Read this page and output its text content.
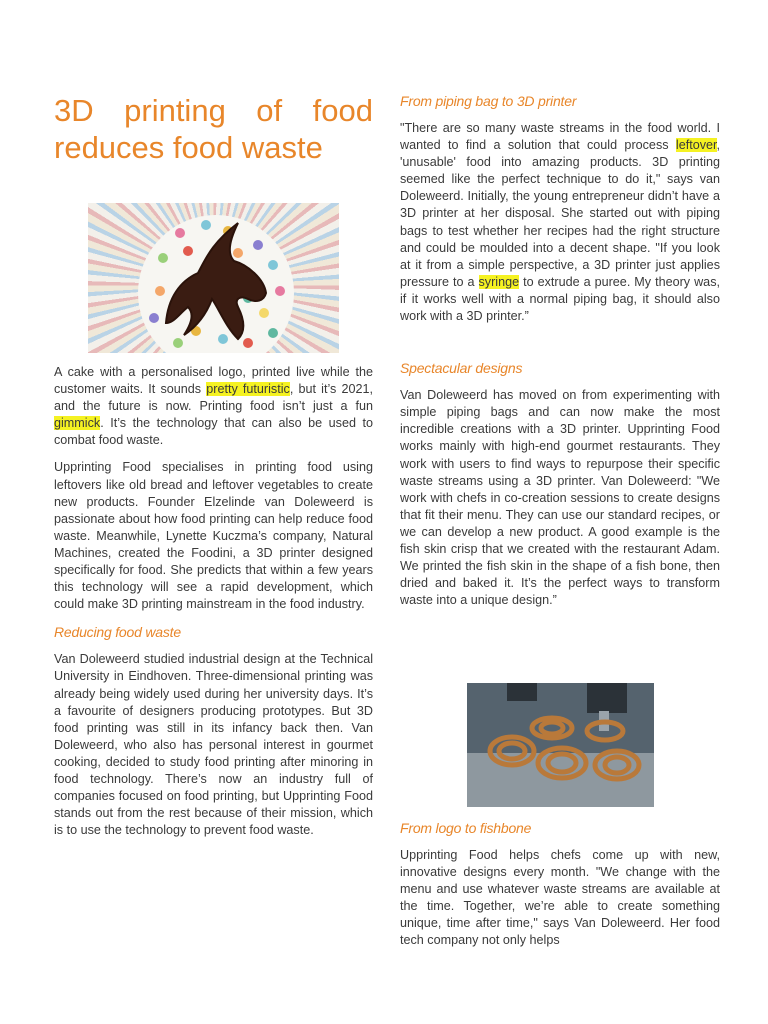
3D printing of food
reduces food waste

A cake with a personalised logo, printed live while the customer waits. It sounds pretty futuristic, but it’s 2021, and the future is now. Printing food isn’t just a fun gimmick. It’s the technology that can also be used to combat food waste.

Upprinting Food specialises in printing food using leftovers like old bread and leftover vegetables to create new products. Founder Elzelinde van Doleweerd is passionate about how food printing can help reduce food waste. Meanwhile, Lynette Kuczma’s company, Natural Machines, created the Foodini, a 3D printer designed specifically for food. She predicts that within a few years this technology will see a rapid development, which could make 3D printing mainstream in the food industry.

Reducing food waste

Van Doleweerd studied industrial design at the Technical University in Eindhoven. Three-dimensional printing was already being widely used during her university days. It’s a favourite of designers producing prototypes. But 3D food printing was still in its infancy back then. Van Doleweerd, who also has personal interest in gourmet cooking, decided to study food printing after minoring in food technology. There’s now an industry full of companies focused on food printing, but Upprinting Food stands out from the rest because of their mission, which is to use the technology to prevent food waste.

From piping bag to 3D printer

"There are so many waste streams in the food world. I wanted to find a solution that could process leftover, 'unusable' food into amazing products. 3D printing seemed like the perfect technique to do it," says van Doleweerd. Initially, the young entrepreneur didn’t have a 3D printer at her disposal. She started out with piping bags to test whether her recipes had the right structure and could be moulded into a decent shape. "If you look at it from a simple perspective, a 3D printer just applies pressure to a syringe to extrude a puree. My theory was, if it works well with a normal piping bag, it should also work with a 3D printer.”

Spectacular designs

Van Doleweerd has moved on from experimenting with simple piping bags and can now make the most incredible creations with a 3D printer. Upprinting Food works mainly with high-end gourmet restaurants. They work with users to find ways to repurpose their specific waste streams using a 3D printer. Van Doleweerd: "We work with chefs in co-creation sessions to create designs that fit their menu. They can use our standard recipes, or we can develop a new product. A good example is the fish skin crisp that we created with the restaurant Adam. We printed the fish skin in the shape of a fish bone, then dried and baked it. It’s the perfect ways to transform waste into a unique design.”

From logo to fishbone

Upprinting Food helps chefs come up with new, innovative designs every month. "We change with the menu and use whatever waste streams are available at the time. Together, we’re able to create something unique, time after time," says Van Doleweerd. Her food tech company not only helps
